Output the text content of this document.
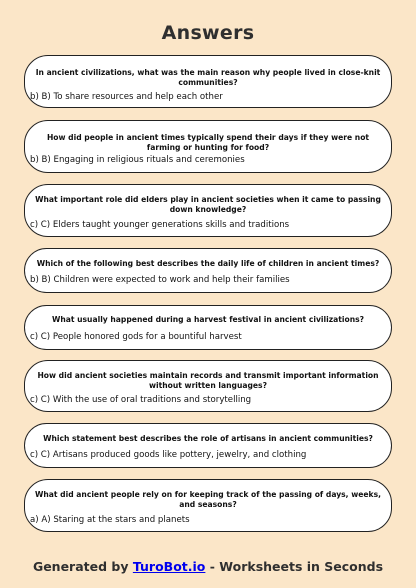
Answers
In ancient civilizations, what was the main reason why people lived in close-knit communities?
b) B) To share resources and help each other
How did people in ancient times typically spend their days if they were not farming or hunting for food?
b) B) Engaging in religious rituals and ceremonies
What important role did elders play in ancient societies when it came to passing down knowledge?
c) C) Elders taught younger generations skills and traditions
Which of the following best describes the daily life of children in ancient times?
b) B) Children were expected to work and help their families
What usually happened during a harvest festival in ancient civilizations?
c) C) People honored gods for a bountiful harvest
How did ancient societies maintain records and transmit important information without written languages?
c) C) With the use of oral traditions and storytelling
Which statement best describes the role of artisans in ancient communities?
c) C) Artisans produced goods like pottery, jewelry, and clothing
What did ancient people rely on for keeping track of the passing of days, weeks, and seasons?
a) A) Staring at the stars and planets
Generated by TuroBot.io - Worksheets in Seconds
